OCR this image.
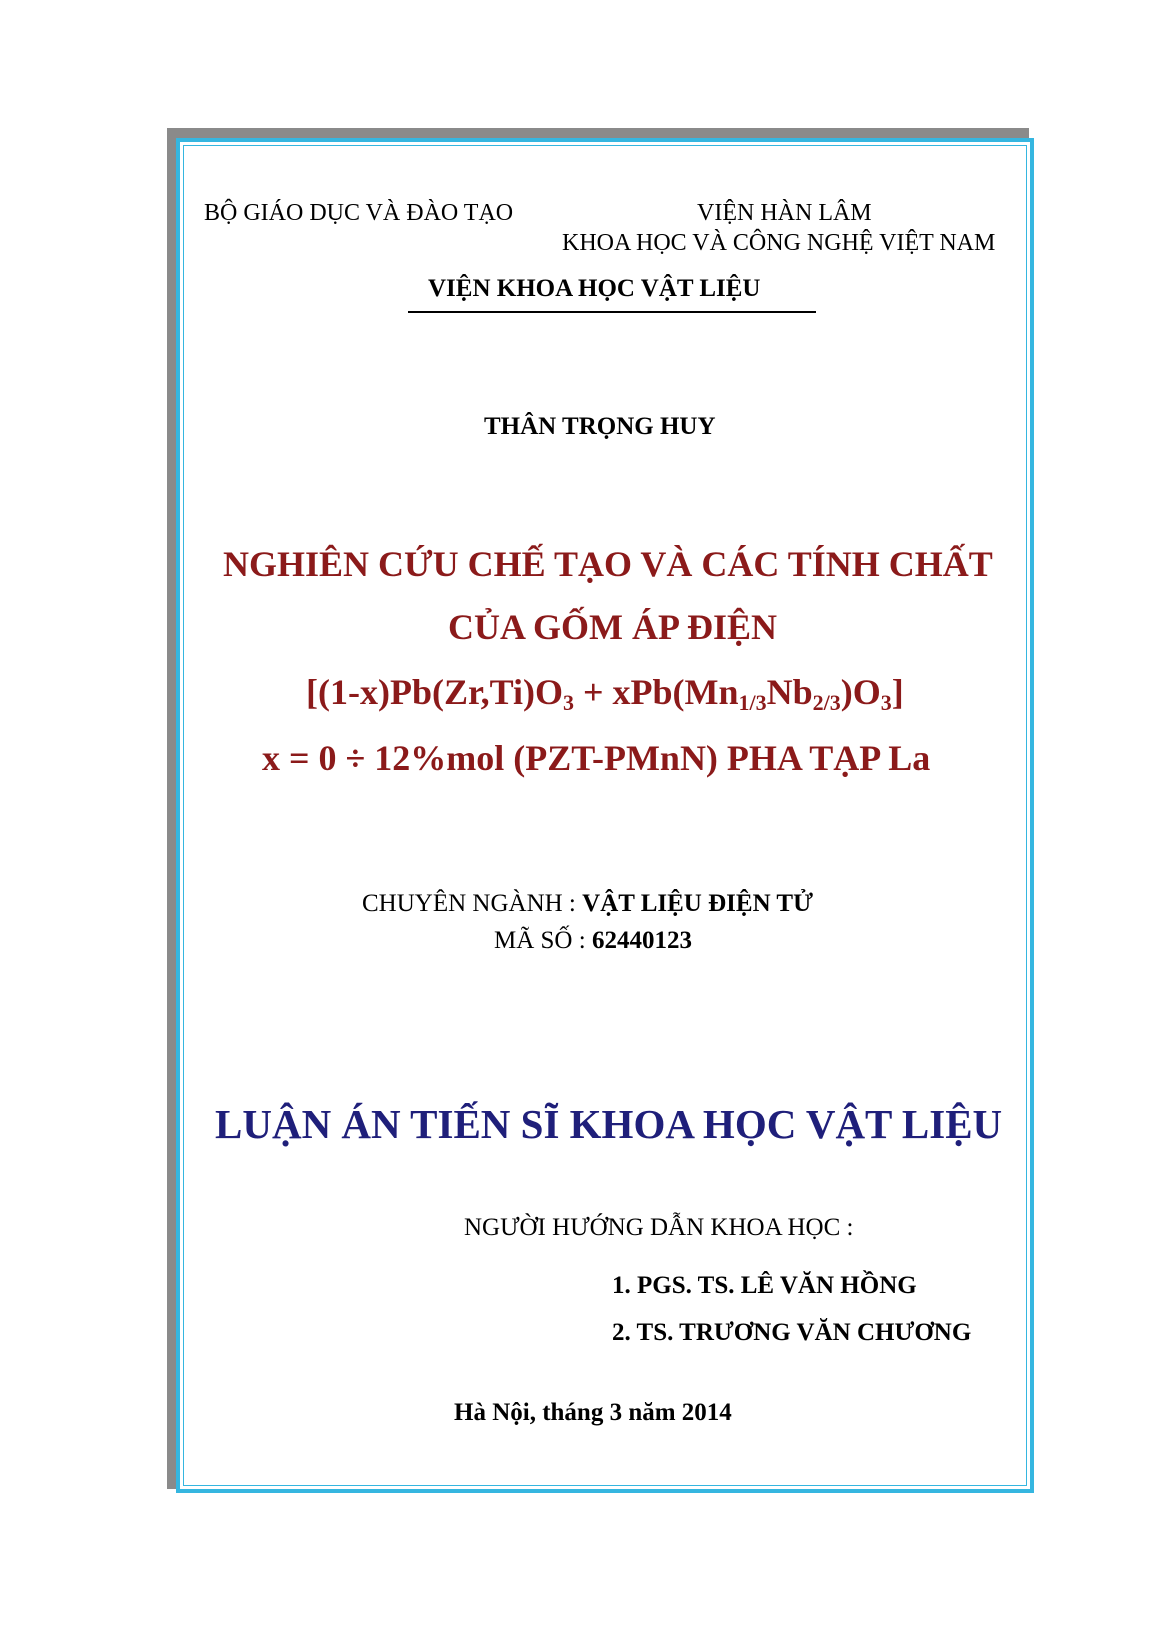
BỘ GIÁO DỤC VÀ ĐÀO TẠO	VIỆN HÀN LÂM
KHOA HỌC VÀ CÔNG NGHỆ VIỆT NAM
VIỆN KHOA HỌC VẬT LIỆU
THÂN TRỌNG HUY
NGHIÊN CỨU CHẾ TẠO VÀ CÁC TÍNH CHẤT
CỦA GỐM ÁP ĐIỆN
$[(1-x)Pb(Zr,Ti)O_3 + xPb(Mn_{1/3}Nb_{2/3})O_3]$
x = 0 ÷ 12%mol (PZT-PMnN) PHA TẠP La
CHUYÊN NGÀNH : VẬT LIỆU ĐIỆN TỬ
MÃ SỐ : 62440123
LUẬN ÁN TIẾN SĨ KHOA HỌC VẬT LIỆU
NGƯỜI HƯỚNG DẪN KHOA HỌC :
1. PGS. TS. LÊ VĂN HỒNG
2. TS. TRƯƠNG VĂN CHƯƠNG
Hà Nội, tháng 3 năm 2014
